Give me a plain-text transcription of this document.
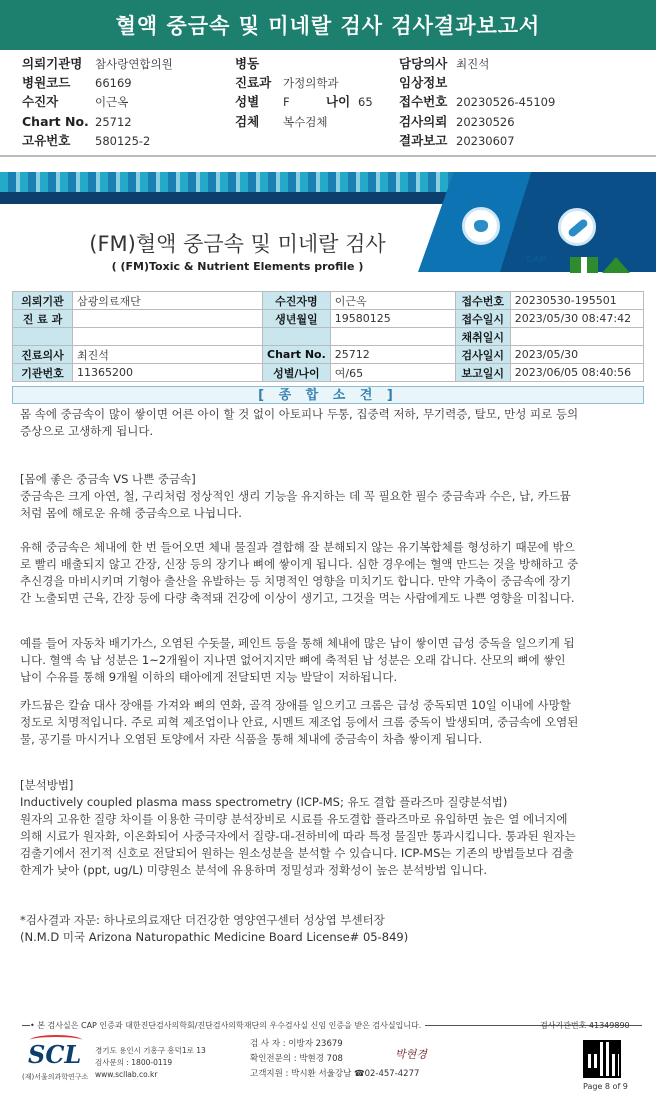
혈액 중금속 및 미네랄 검사 검사결과보고서
의뢰기관명 참사랑연합의원
병원코드 66169
수진자	이근옥
Chart No. 25712
고유번호 580125-2
병동
진료과 가정의학과
성별 F	나이 65
검체 복수검체
담당의사 최진석
임상정보
접수번호 20230526-45109
검사의뢰 20230526
결과보고 20230607
(FM)혈액 중금속 및 미네랄 검사
( (FM)Toxic & Nutrient Elements profile )	CAP
의뢰기관	삼광의료재단	수진자명	이근옥	접수번호	20230530-195501
진 료 과		생년월일	19580125	접수일시	2023/05/30 08:47:42
				채취일시	
진료의사	최진석	Chart No.	25712	검사일시	2023/05/30
기관번호	11365200	성별/나이	여/65	보고일시	2023/06/05 08:40:56
[ 종 합 소 견 ]
몸 속에 중금속이 많이 쌓이면 어른 아이 할 것 없이 아토피나 두통, 집중력 저하, 무기력증, 탈모, 만성 피로 등의 증상으로 고생하게 됩니다.
[몸에 좋은 중금속 VS 나쁜 중금속]
중금속은 크게 아연, 철, 구리처럼 정상적인 생리 기능을 유지하는 데 꼭 필요한 필수 중금속과 수은, 납, 카드뮴처럼 몸에 해로운 유해 중금속으로 나뉩니다.
유해 중금속은 체내에 한 번 들어오면 체내 물질과 결합해 잘 분해되지 않는 유기복합체를 형성하기 때문에 밖으로 빨리 배출되지 않고 간장, 신장 등의 장기나 뼈에 쌓이게 됩니다. 심한 경우에는 혈액 만드는 것을 방해하고 중추신경을 마비시키며 기형아 출산을 유발하는 등 치명적인 영향을 미치기도 합니다. 만약 가축이 중금속에 장기간 노출되면 근육, 간장 등에 다량 축적돼 건강에 이상이 생기고, 그것을 먹는 사람에게도 나쁜 영향을 미칩니다.
예를 들어 자동차 배기가스, 오염된 수돗물, 페인트 등을 통해 체내에 많은 납이 쌓이면 급성 중독을 일으키게 됩니다. 혈액 속 납 성분은 1~2개월이 지나면 없어지지만 뼈에 축적된 납 성분은 오래 갑니다. 산모의 뼈에 쌓인 납이 수유를 통해 9개월 이하의 태아에게 전달되면 지능 발달이 저하됩니다.
카드뮴은 칼슘 대사 장애를 가져와 뼈의 연화, 골격 장애를 일으키고 크롬은 급성 중독되면 10일 이내에 사망할 정도로 치명적입니다. 주로 피혁 제조업이나 안료, 시멘트 제조업 등에서 크롬 중독이 발생되며, 중금속에 오염된 물, 공기를 마시거나 오염된 토양에서 자란 식품을 통해 체내에 중금속이 차츰 쌓이게 됩니다.
[분석방법]
Inductively coupled plasma mass spectrometry (ICP-MS; 유도 결합 플라즈마 질량분석법)
원자의 고유한 질량 차이를 이용한 극미량 분석장비로 시료를 유도결합 플라즈마로 유입하면 높은 열 에너지에 의해 시료가 원자화, 이온화되어 사중극자에서 질량-대-전하비에 따라 특정 물질만 통과시킵니다. 통과된 원자는 검출기에서 전기적 신호로 전달되어 원하는 원소성분을 분석할 수 있습니다. ICP-MS는 기존의 방법들보다 검출 한계가 낮아 (ppt, ug/L) 미량원소 분석에 유용하며 정밀성과 정확성이 높은 분석방법 입니다.
*검사결과 자문: 하나로의료재단 더건강한 영양연구센터 성상엽 부센터장
(N.M.D 미국 Arizona Naturopathic Medicine Board License# 05-849)
• 본 검사실은 CAP 인증과 대한진단검사의학회/진단검사의학재단의 우수검사실 신임 인증을 받은 검사실입니다.	검사기관번호 41349890
SCL
(재)서울의과학연구소
경기도 용인시 기흥구 흥덕1로 13
검사문의 : 1800-0119
www.scllab.co.kr
검 사 자 : 이방자 23679
확인전문의 : 박현경 708
고객지원 : 박시환 서울강남 ☎02-457-4277
박현경
Page 8 of 9
